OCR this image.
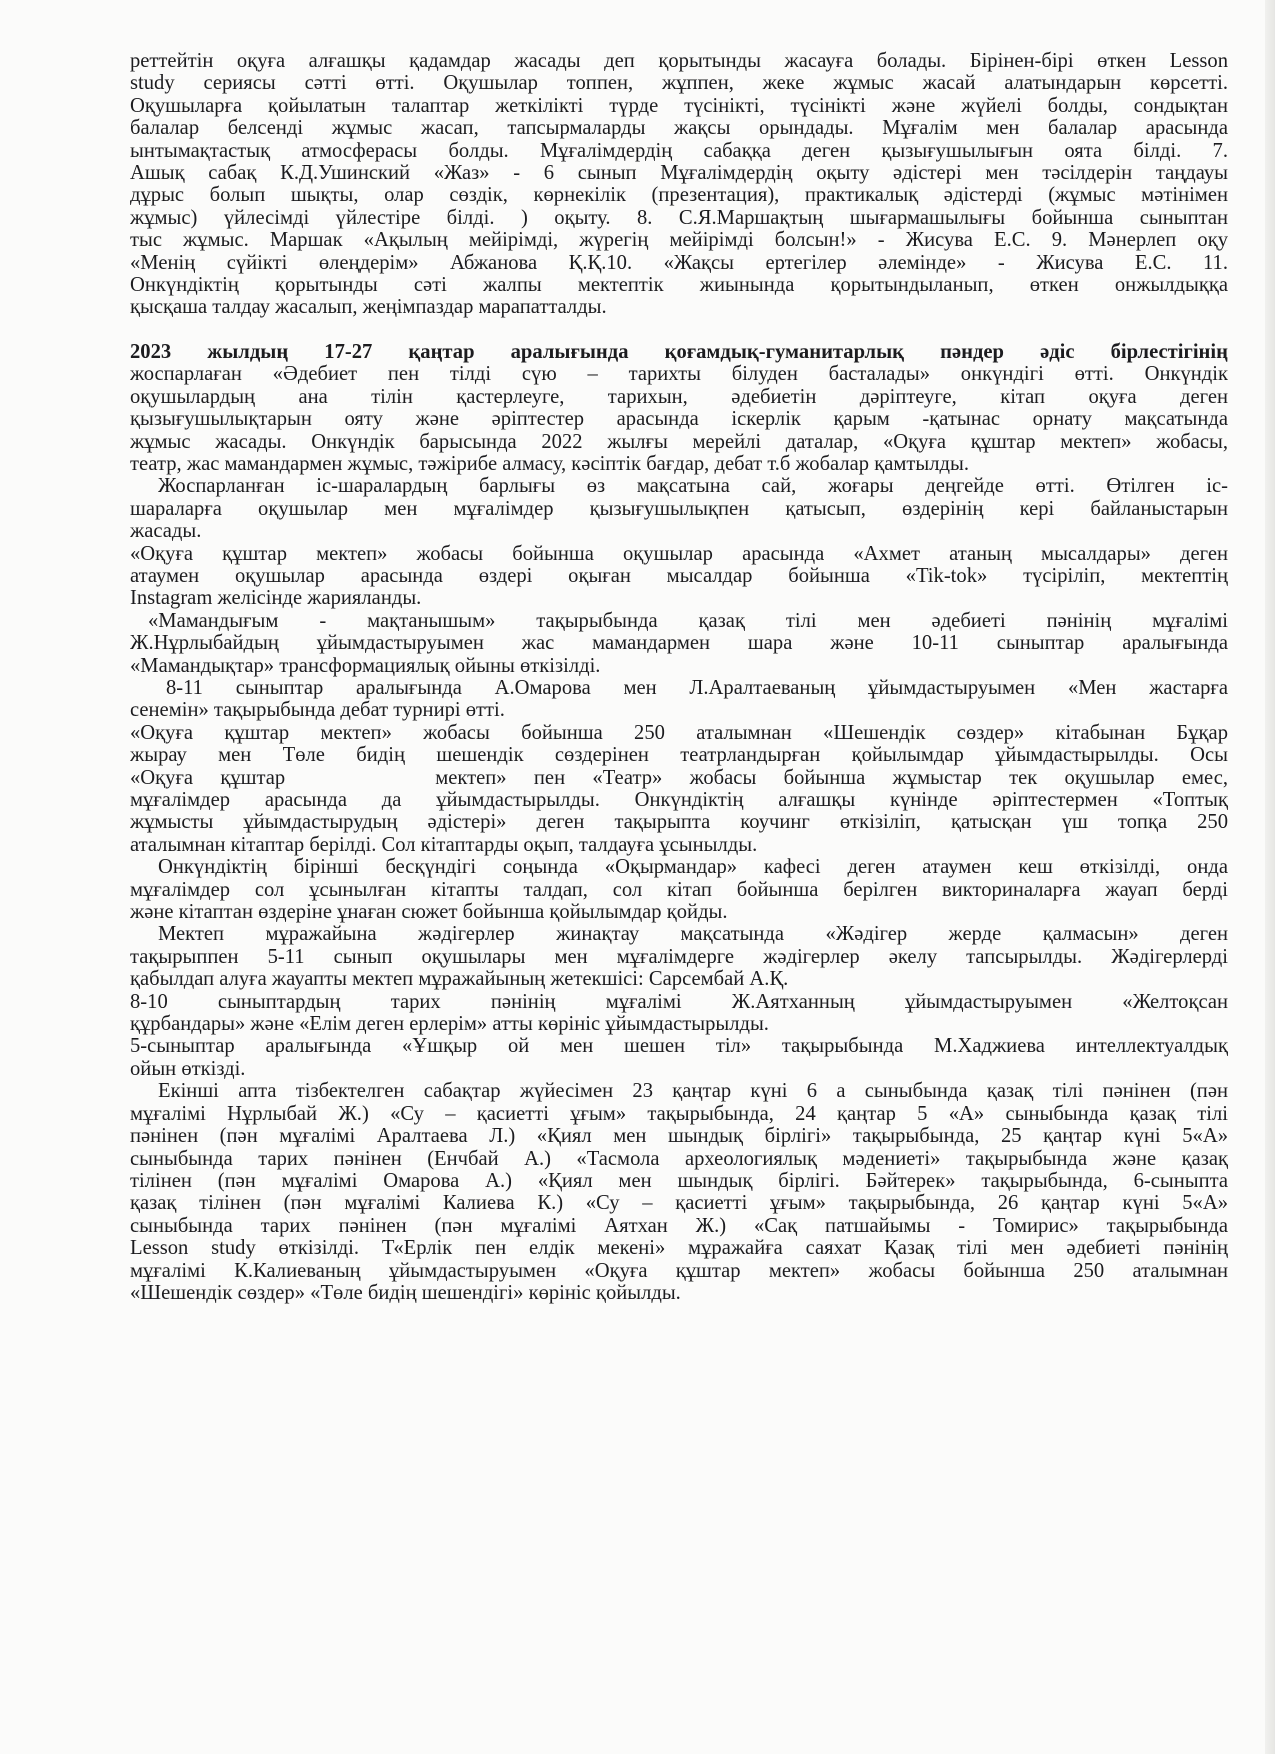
реттейтін оқуға алғашқы қадамдар жасады деп қорытынды жасауға болады. Бірінен-бірі өткен Lesson
study сериясы сәтті өтті. Оқушылар топпен, жұппен, жеке жұмыс жасай алатындарын көрсетті.
Оқушыларға қойылатын талаптар жеткілікті түрде түсінікті, түсінікті және жүйелі болды, сондықтан
балалар белсенді жұмыс жасап, тапсырмаларды жақсы орындады. Мұғалім мен балалар арасында
ынтымақтастық атмосферасы болды. Мұғалімдердің сабаққа деген қызығушылығын оята білді. 7.
Ашық сабақ К.Д.Ушинский «Жаз» - 6 сынып Мұғалімдердің оқыту әдістері мен тәсілдерін таңдауы
дұрыс болып шықты, олар сөздік, көрнекілік (презентация), практикалық әдістерді (жұмыс мәтінімен
жұмыс) үйлесімді үйлестіре білді. ) оқыту. 8. С.Я.Маршақтың шығармашылығы бойынша сыныптан
тыс жұмыс. Маршак «Ақылың мейірімді, жүрегің мейірімді болсын!» - Жисува Е.С. 9. Мәнерлеп оқу
«Менің сүйікті өлеңдерім» Абжанова Қ.Қ.10. «Жақсы ертегілер әлемінде» - Жисува Е.С. 11.
Онкүндіктің қорытынды сәті жалпы мектептік жиынында қорытындыланып, өткен онжылдыққа
қысқаша талдау жасалып, жеңімпаздар марапатталды.
2023 жылдың 17-27 қаңтар аралығында қоғамдық-гуманитарлық пәндер әдіс бірлестігінің
жоспарлаған «Әдебиет пен тілді сүю – тарихты білуден басталады» онкүндігі өтті. Онкүндік
оқушылардың ана тілін қастерлеуге, тарихын, әдебиетін дәріптеуге, кітап оқуға деген
қызығушылықтарын ояту және әріптестер арасында іскерлік қарым -қатынас орнату мақсатында
жұмыс жасады. Онкүндік барысында 2022 жылғы мерейлі даталар, «Оқуға құштар мектеп» жобасы,
театр, жас мамандармен жұмыс, тәжірибе алмасу, кәсіптік бағдар, дебат т.б жобалар қамтылды.
Жоспарланған іс-шаралардың барлығы өз мақсатына сай, жоғары деңгейде өтті. Өтілген іс-
шараларға оқушылар мен мұғалімдер қызығушылықпен қатысып, өздерінің кері байланыстарын
жасады.
«Оқуға құштар мектеп» жобасы бойынша оқушылар арасында «Ахмет атаның мысалдары» деген
атаумен оқушылар арасында өздері оқыған мысалдар бойынша «Tik-tok» түсіріліп, мектептің
Instagram желісінде жарияланды.
«Мамандығым - мақтанышым» тақырыбында қазақ тілі мен әдебиеті пәнінің мұғалімі
Ж.Нұрлыбайдың ұйымдастыруымен жас мамандармен шара және 10-11 сыныптар аралығында
«Мамандықтар» трансформациялық ойыны өткізілді.
8-11 сыныптар аралығында А.Омарова мен Л.Аралтаеваның ұйымдастыруымен «Мен жастарға
сенемін» тақырыбында дебат турнирі өтті.
«Оқуға құштар мектеп» жобасы бойынша 250 аталымнан «Шешендік сөздер» кітабынан Бұқар
жырау мен Төле бидің шешендік сөздерінен театрландырған қойылымдар ұйымдастырылды. Осы
«Оқуға құштар	мектеп» пен «Театр» жобасы бойынша жұмыстар тек оқушылар емес,
мұғалімдер арасында да ұйымдастырылды. Онкүндіктің алғашқы күнінде әріптестермен «Топтық
жұмысты ұйымдастырудың әдістері» деген тақырыпта коучинг өткізіліп, қатысқан үш топқа 250
аталымнан кітаптар берілді. Сол кітаптарды оқып, талдауға ұсынылды.
Онкүндіктің бірінші бесқүндігі соңында «Оқырмандар» кафесі деген атаумен кеш өткізілді, онда
мұғалімдер сол ұсынылған кітапты талдап, сол кітап бойынша берілген викториналарға жауап берді
және кітаптан өздеріне ұнаған сюжет бойынша қойылымдар қойды.
Мектеп мұражайына жәдігерлер жинақтау мақсатында «Жәдігер жерде қалмасын» деген
тақырыппен 5-11 сынып оқушылары мен мұғалімдерге жәдігерлер әкелу тапсырылды. Жәдігерлерді
қабылдап алуға жауапты мектеп мұражайының жетекшісі: Сарсембай А.Қ.
8-10 сыныптардың тарих пәнінің мұғалімі Ж.Аятханның ұйымдастыруымен «Желтоқсан
құрбандары» және «Елім деген ерлерім» атты көрініс ұйымдастырылды.
5-сыныптар аралығында «Ұшқыр ой мен шешен тіл» тақырыбында М.Хаджиева интеллектуалдық
ойын өткізді.
Екінші апта тізбектелген сабақтар жүйесімен 23 қаңтар күні 6 а сыныбында қазақ тілі пәнінен (пән
мұғалімі Нұрлыбай Ж.) «Су – қасиетті ұғым» тақырыбында, 24 қаңтар 5 «А» сыныбында қазақ тілі
пәнінен (пән мұғалімі Аралтаева Л.) «Қиял мен шындық бірлігі» тақырыбында, 25 қаңтар күні 5«А»
сыныбында тарих пәнінен (Енчбай А.) «Тасмола археологиялық мәдениеті» тақырыбында және қазақ
тілінен (пән мұғалімі Омарова А.) «Қиял мен шындық бірлігі. Бәйтерек» тақырыбында, 6-сыныпта
қазақ тілінен (пән мұғалімі Калиева К.) «Су – қасиетті ұғым» тақырыбында, 26 қаңтар күні 5«А»
сыныбында тарих пәнінен (пән мұғалімі Аятхан Ж.) «Сақ патшайымы - Томирис» тақырыбында
Lesson study өткізілді. Т«Ерлік пен елдік мекені» мұражайға саяхат Қазақ тілі мен әдебиеті пәнінің
мұғалімі К.Калиеваның ұйымдастыруымен «Оқуға құштар мектеп» жобасы бойынша 250 аталымнан
«Шешендік сөздер» «Төле бидің шешендігі» көрініс қойылды.
